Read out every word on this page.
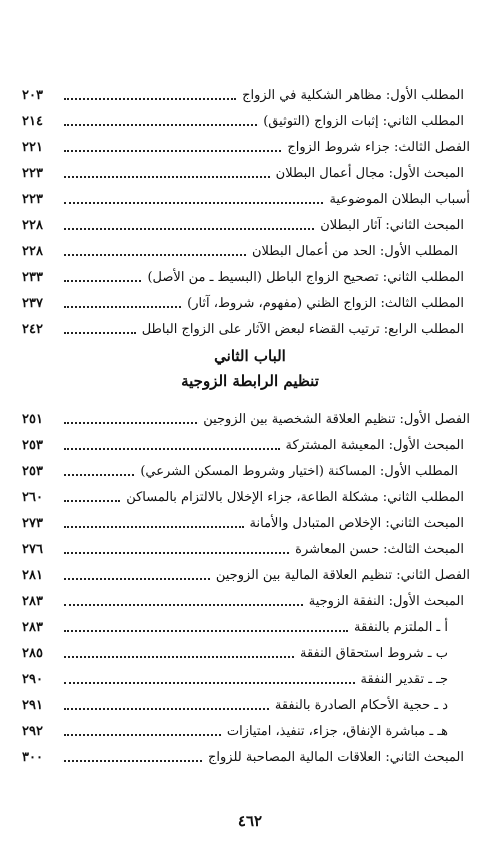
المطلب الأول: مظاهر الشكلية في الزواج
٢٠٣
المطلب الثاني: إثبات الزواج (التوثيق)
٢١٤
الفصل الثالث: جزاء شروط الزواج
٢٢١
المبحث الأول: مجال أعمال البطلان
٢٢٣
أسباب البطلان الموضوعية
٢٢٣
المبحث الثاني: آثار البطلان
٢٢٨
المطلب الأول: الحد من أعمال البطلان
٢٢٨
المطلب الثاني: تصحيح الزواج الباطل (البسيط ـ من الأصل)
٢٣٣
المطلب الثالث: الزواج الظني (مفهوم، شروط، آثار)
٢٣٧
المطلب الرابع: ترتيب القضاء لبعض الآثار على الزواج الباطل
٢٤٢
الباب الثاني
تنظيم الرابطة الزوجية
الفصل الأول: تنظيم العلاقة الشخصية بين الزوجين
٢٥١
المبحث الأول: المعيشة المشتركة
٢٥٣
المطلب الأول: المساكنة (اختيار وشروط المسكن الشرعي)
٢٥٣
المطلب الثاني: مشكلة الطاعة، جزاء الإخلال بالالتزام بالمساكن
٢٦٠
المبحث الثاني: الإخلاص المتبادل والأمانة
٢٧٣
المبحث الثالث: حسن المعاشرة
٢٧٦
الفصل الثاني: تنظيم العلاقة المالية بين الزوجين
٢٨١
المبحث الأول: النفقة الزوجية
٢٨٣
أ ـ الملتزم بالنفقة
٢٨٣
ب ـ شروط استحقاق النفقة
٢٨٥
جـ ـ تقدير النفقة
٢٩٠
د ـ حجية الأحكام الصادرة بالنفقة
٢٩١
هـ ـ مباشرة الإنفاق، جزاء، تنفيذ، امتيازات
٢٩٢
المبحث الثاني: العلاقات المالية المصاحبة للزواج
٣٠٠
٤٦٢
